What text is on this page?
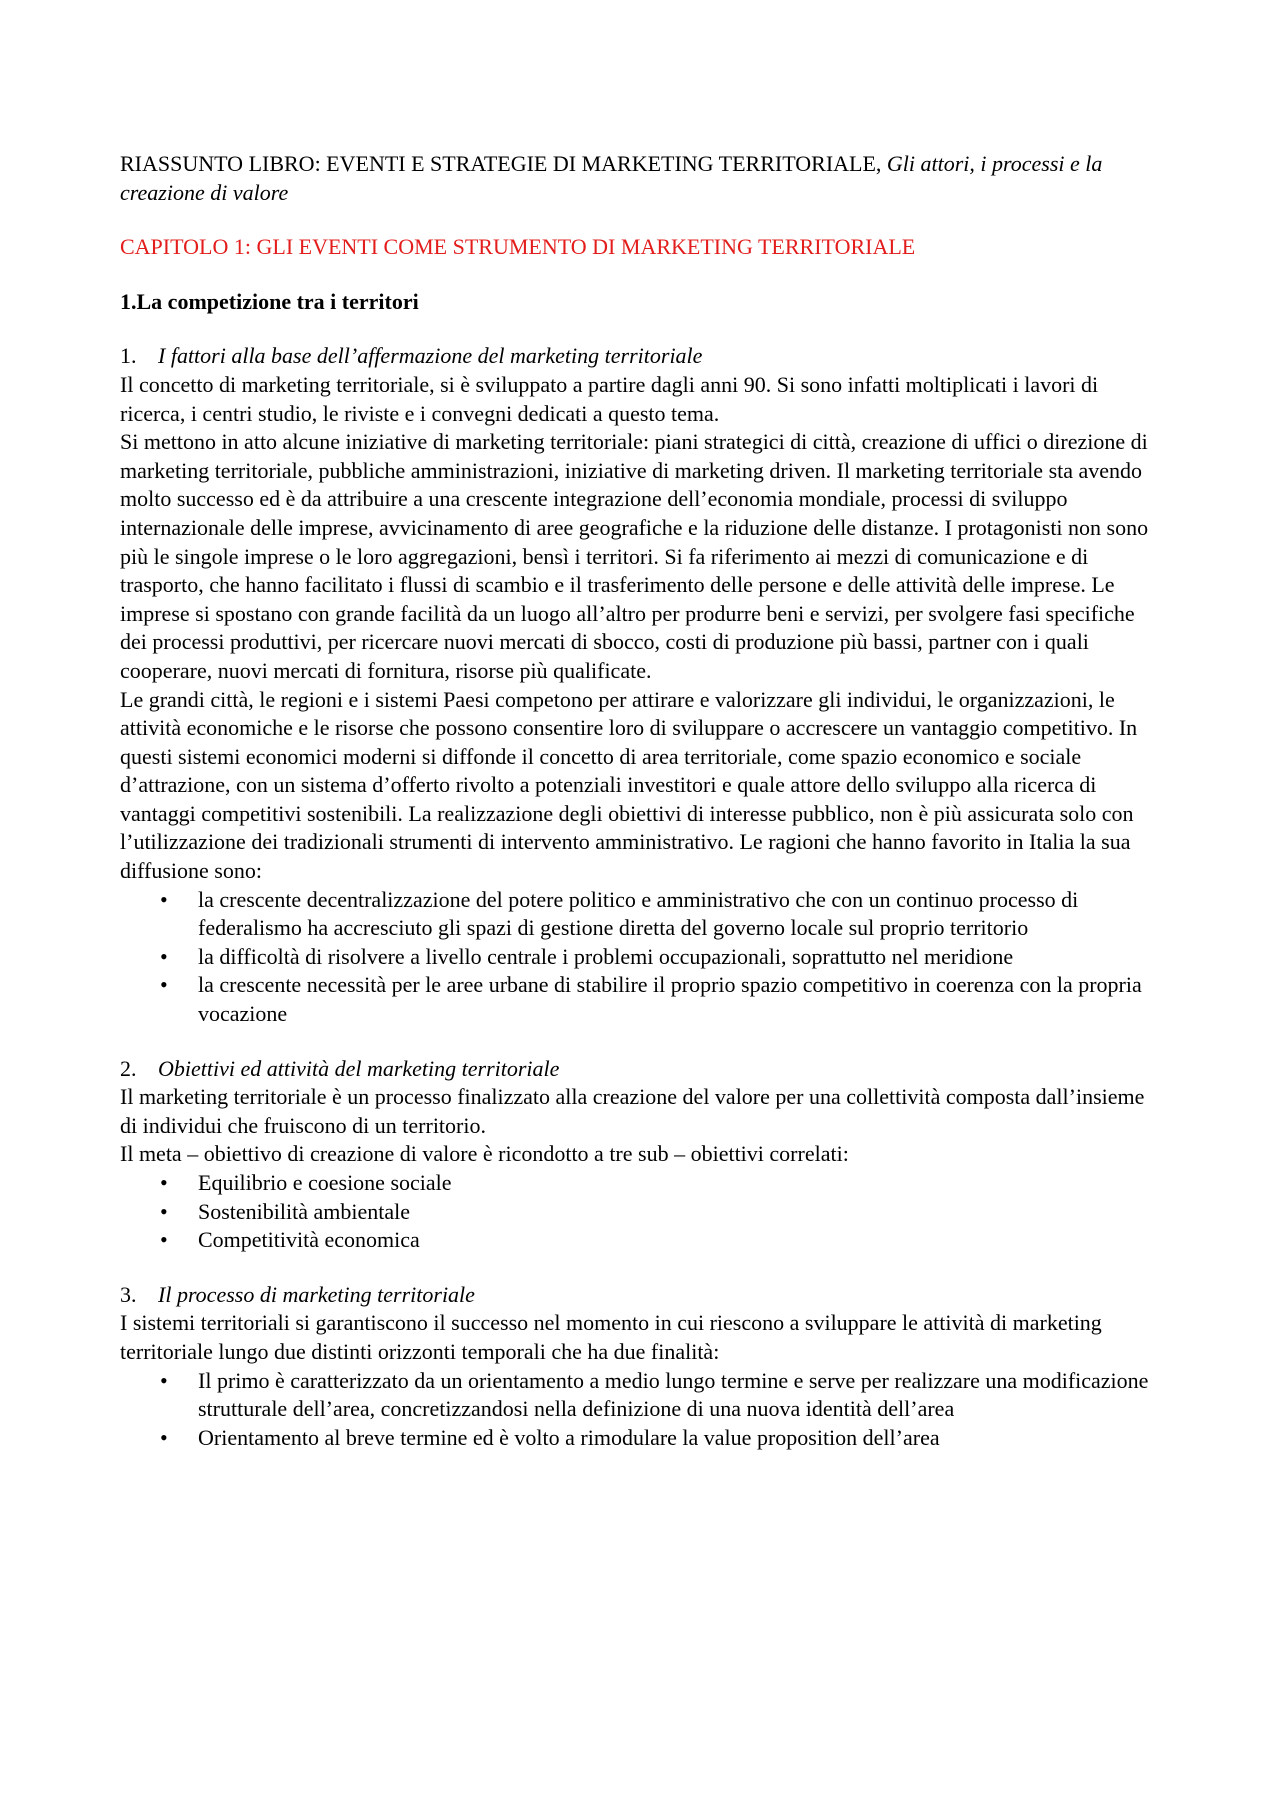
RIASSUNTO LIBRO: EVENTI E STRATEGIE DI MARKETING TERRITORIALE, Gli attori, i processi e la creazione di valore

CAPITOLO 1: GLI EVENTI COME STRUMENTO DI MARKETING TERRITORIALE

1.La competizione tra i territori

1. I fattori alla base dell’affermazione del marketing territoriale

Il concetto di marketing territoriale, si è sviluppato a partire dagli anni 90. Si sono infatti moltiplicati i lavori di ricerca, i centri studio, le riviste e i convegni dedicati a questo tema.

Si mettono in atto alcune iniziative di marketing territoriale: piani strategici di città, creazione di uffici o direzione di marketing territoriale, pubbliche amministrazioni, iniziative di marketing driven. Il marketing territoriale sta avendo molto successo ed è da attribuire a una crescente integrazione dell’economia mondiale, processi di sviluppo internazionale delle imprese, avvicinamento di aree geografiche e la riduzione delle distanze. I protagonisti non sono più le singole imprese o le loro aggregazioni, bensì i territori. Si fa riferimento ai mezzi di comunicazione e di trasporto, che hanno facilitato i flussi di scambio e il trasferimento delle persone e delle attività delle imprese. Le imprese si spostano con grande facilità da un luogo all’altro per produrre beni e servizi, per svolgere fasi specifiche dei processi produttivi, per ricercare nuovi mercati di sbocco, costi di produzione più bassi, partner con i quali cooperare, nuovi mercati di fornitura, risorse più qualificate.

Le grandi città, le regioni e i sistemi Paesi competono per attirare e valorizzare gli individui, le organizzazioni, le attività economiche e le risorse che possono consentire loro di sviluppare o accrescere un vantaggio competitivo. In questi sistemi economici moderni si diffonde il concetto di area territoriale, come spazio economico e sociale d’attrazione, con un sistema d’offerto rivolto a potenziali investitori e quale attore dello sviluppo alla ricerca di vantaggi competitivi sostenibili. La realizzazione degli obiettivi di interesse pubblico, non è più assicurata solo con l’utilizzazione dei tradizionali strumenti di intervento amministrativo. Le ragioni che hanno favorito in Italia la sua diffusione sono:

• la crescente decentralizzazione del potere politico e amministrativo che con un continuo processo di federalismo ha accresciuto gli spazi di gestione diretta del governo locale sul proprio territorio
• la difficoltà di risolvere a livello centrale i problemi occupazionali, soprattutto nel meridione
• la crescente necessità per le aree urbane di stabilire il proprio spazio competitivo in coerenza con la propria vocazione

2. Obiettivi ed attività del marketing territoriale

Il marketing territoriale è un processo finalizzato alla creazione del valore per una collettività composta dall’insieme di individui che fruiscono di un territorio.

Il meta – obiettivo di creazione di valore è ricondotto a tre sub – obiettivi correlati:

• Equilibrio e coesione sociale
• Sostenibilità ambientale
• Competitività economica

3. Il processo di marketing territoriale

I sistemi territoriali si garantiscono il successo nel momento in cui riescono a sviluppare le attività di marketing territoriale lungo due distinti orizzonti temporali che ha due finalità:

• Il primo è caratterizzato da un orientamento a medio lungo termine e serve per realizzare una modificazione strutturale dell’area, concretizzandosi nella definizione di una nuova identità dell’area
• Orientamento al breve termine ed è volto a rimodulare la value proposition dell’area
